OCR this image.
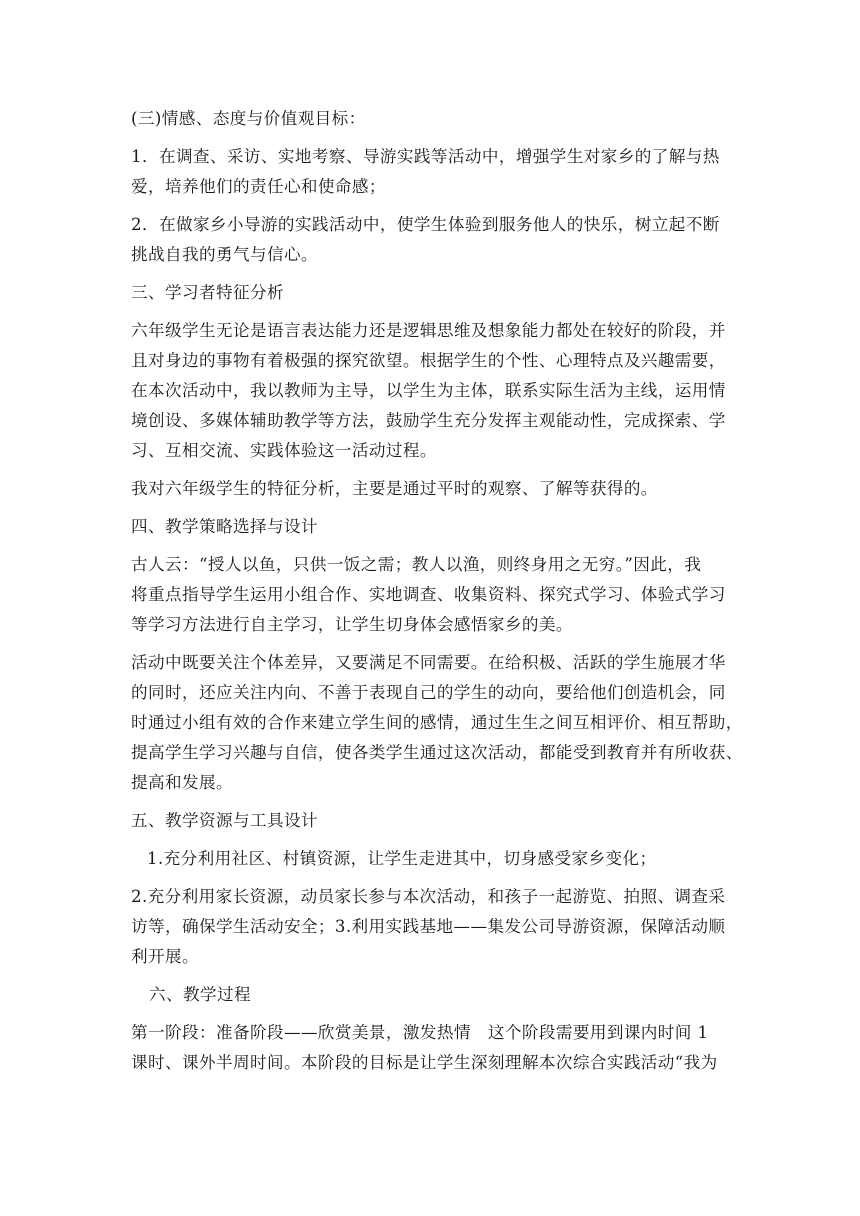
(三)情感、态度与价值观目标：

1．在调查、采访、实地考察、导游实践等活动中，增强学生对家乡的了解与热
爱，培养他们的责任心和使命感；

2．在做家乡小导游的实践活动中，使学生体验到服务他人的快乐，树立起不断
挑战自我的勇气与信心。

三、学习者特征分析

六年级学生无论是语言表达能力还是逻辑思维及想象能力都处在较好的阶段，并
且对身边的事物有着极强的探究欲望。根据学生的个性、心理特点及兴趣需要，
在本次活动中，我以教师为主导，以学生为主体，联系实际生活为主线，运用情
境创设、多媒体辅助教学等方法，鼓励学生充分发挥主观能动性，完成探索、学
习、互相交流、实践体验这一活动过程。

我对六年级学生的特征分析，主要是通过平时的观察、了解等获得的。

四、教学策略选择与设计

古人云：“授人以鱼，只供一饭之需；教人以渔，则终身用之无穷。”因此，我
将重点指导学生运用小组合作、实地调查、收集资料、探究式学习、体验式学习
等学习方法进行自主学习，让学生切身体会感悟家乡的美。

活动中既要关注个体差异，又要满足不同需要。在给积极、活跃的学生施展才华
的同时，还应关注内向、不善于表现自己的学生的动向，要给他们创造机会，同
时通过小组有效的合作来建立学生间的感情，通过生生之间互相评价、相互帮助，
提高学生学习兴趣与自信，使各类学生通过这次活动，都能受到教育并有所收获、
提高和发展。

五、教学资源与工具设计

1.充分利用社区、村镇资源，让学生走进其中，切身感受家乡变化；

2.充分利用家长资源，动员家长参与本次活动，和孩子一起游览、拍照、调查采
访等，确保学生活动安全；3.利用实践基地——集发公司导游资源，保障活动顺
利开展。

六、教学过程

第一阶段：准备阶段——欣赏美景，激发热情　这个阶段需要用到课内时间 1
课时、课外半周时间。本阶段的目标是让学生深刻理解本次综合实践活动“我为
